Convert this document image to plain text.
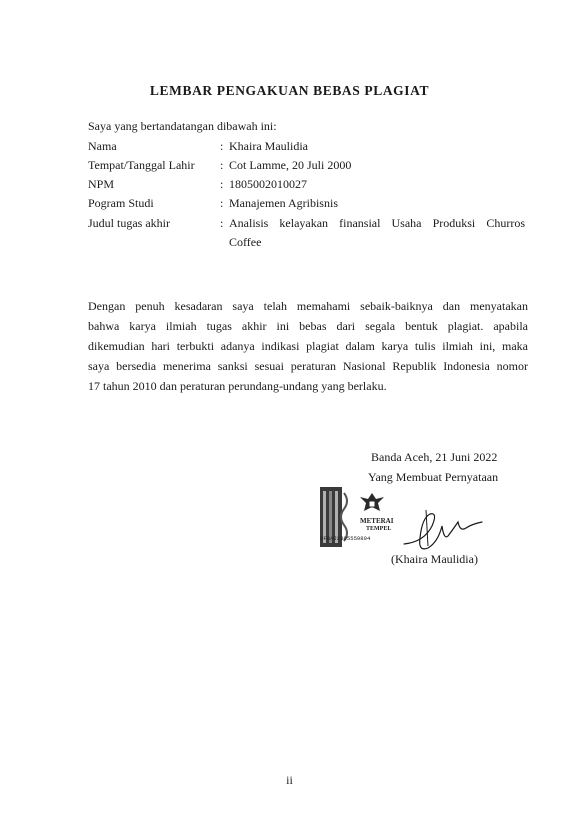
LEMBAR PENGAKUAN BEBAS PLAGIAT
Saya yang bertandatangan dibawah ini:
Nama	: Khaira Maulidia
Tempat/Tanggal Lahir : Cot Lamme, 20 Juli 2000
NPM	: 1805002010027
Pogram Studi	: Manajemen Agribisnis
Judul tugas akhir	: Analisis kelayakan finansial Usaha Produksi Churros
Coffee
Dengan penuh kesadaran saya telah memahami sebaik-baiknya dan menyatakan
bahwa karya ilmiah tugas akhir ini bebas dari segala bentuk plagiat. apabila
dikemudian hari terbukti adanya indikasi plagiat dalam karya tulis ilmiah ini, maka
saya bersedia menerima sanksi sesuai peraturan Nasional Republik Indonesia nomor
17 tahun 2010 dan peraturan perundang-undang yang berlaku.
Banda Aceh, 21 Juni 2022
Yang Membuat Pernyataan
METERAI
TEMPEL
8FBAJX805559894
(Khaira Maulidia)
ii
